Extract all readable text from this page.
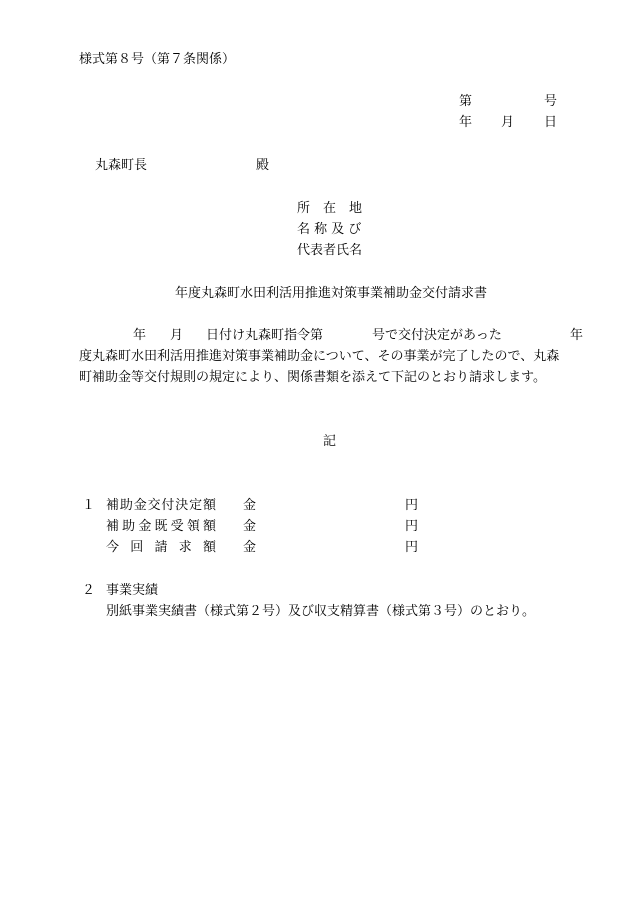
様式第８号（第７条関係）
第	号
年 月 日
丸森町長	殿
所　在　地
名 称 及 び
代表者氏名
年度丸森町水田利活用推進対策事業補助金交付請求書
年 月 日付け丸森町指令第	号で交付決定があった	年
度丸森町水田利活用推進対策事業補助金について、その事業が完了したので、丸森
町補助金等交付規則の規定により、関係書類を添えて下記のとおり請求します。
記
１ 補助金交付決定額 金	円
補助金既受領額 金	円
今回請求額 金	円
２ 事業実績
別紙事業実績書（様式第２号）及び収支精算書（様式第３号）のとおり。
